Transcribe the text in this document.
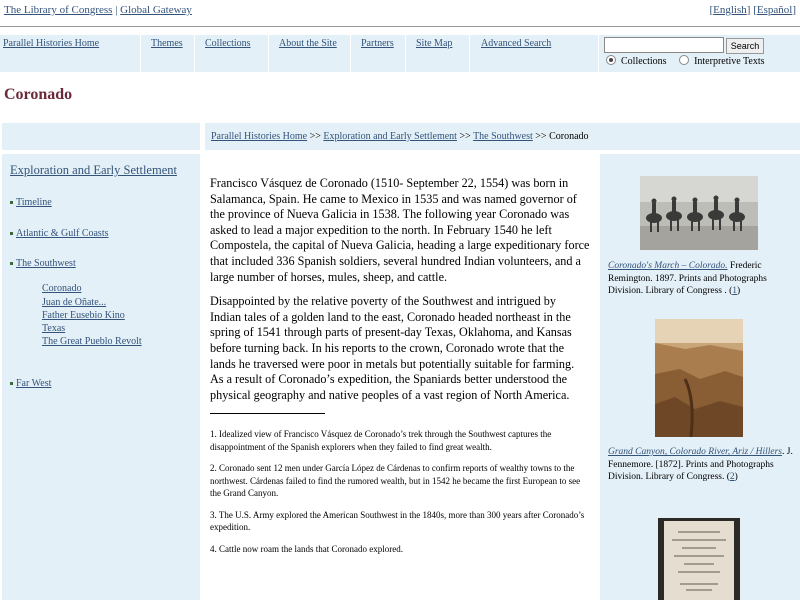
The Library of Congress | Global Gateway	[English] [Español]
Parallel Histories Home	Themes Collections	About the Site Partners Site Map	Advanced Search	Search
Collections	Interpretive Texts
Coronado
Parallel Histories Home >> Exploration and Early Settlement >> The Southwest >> Coronado
Exploration and Early Settlement
Timeline
Atlantic & Gulf Coasts
The Southwest
Coronado
Juan de Oñate...
Father Eusebio Kino
Texas
The Great Pueblo Revolt
Far West

Francisco Vásquez de Coronado (1510- September 22, 1554) was born in Salamanca, Spain. He came to Mexico in 1535 and was named governor of the province of Nueva Galicia in 1538. The following year Coronado was asked to lead a major expedition to the north. In February 1540 he left Compostela, the capital of Nueva Galicia, heading a large expeditionary force that included 336 Spanish soldiers, several hundred Indian volunteers, and a large number of horses, mules, sheep, and cattle.

Disappointed by the relative poverty of the Southwest and intrigued by Indian tales of a golden land to the east, Coronado headed northeast in the spring of 1541 through parts of present-day Texas, Oklahoma, and Kansas before turning back. In his reports to the crown, Coronado wrote that the lands he traversed were poor in metals but potentially suitable for farming. As a result of Coronado’s expedition, the Spaniards better understood the physical geography and native peoples of a vast region of North America.

1. Idealized view of Francisco Vásquez de Coronado’s trek through the Southwest captures the disappointment of the Spanish explorers when they failed to find great wealth.

2. Coronado sent 12 men under García López de Cárdenas to confirm reports of wealthy towns to the northwest. Cárdenas failed to find the rumored wealth, but in 1542 he became the first European to see the Grand Canyon.

3. The U.S. Army explored the American Southwest in the 1840s, more than 300 years after Coronado’s expedition.

4. Cattle now roam the lands that Coronado explored.

Coronado's March – Colorado. Frederic Remington. 1897. Prints and Photographs Division. Library of Congress . (1)
Grand Canyon, Colorado River, Ariz / Hillers. J. Fennemore. [1872]. Prints and Photographs Division. Library of Congress. (2)
